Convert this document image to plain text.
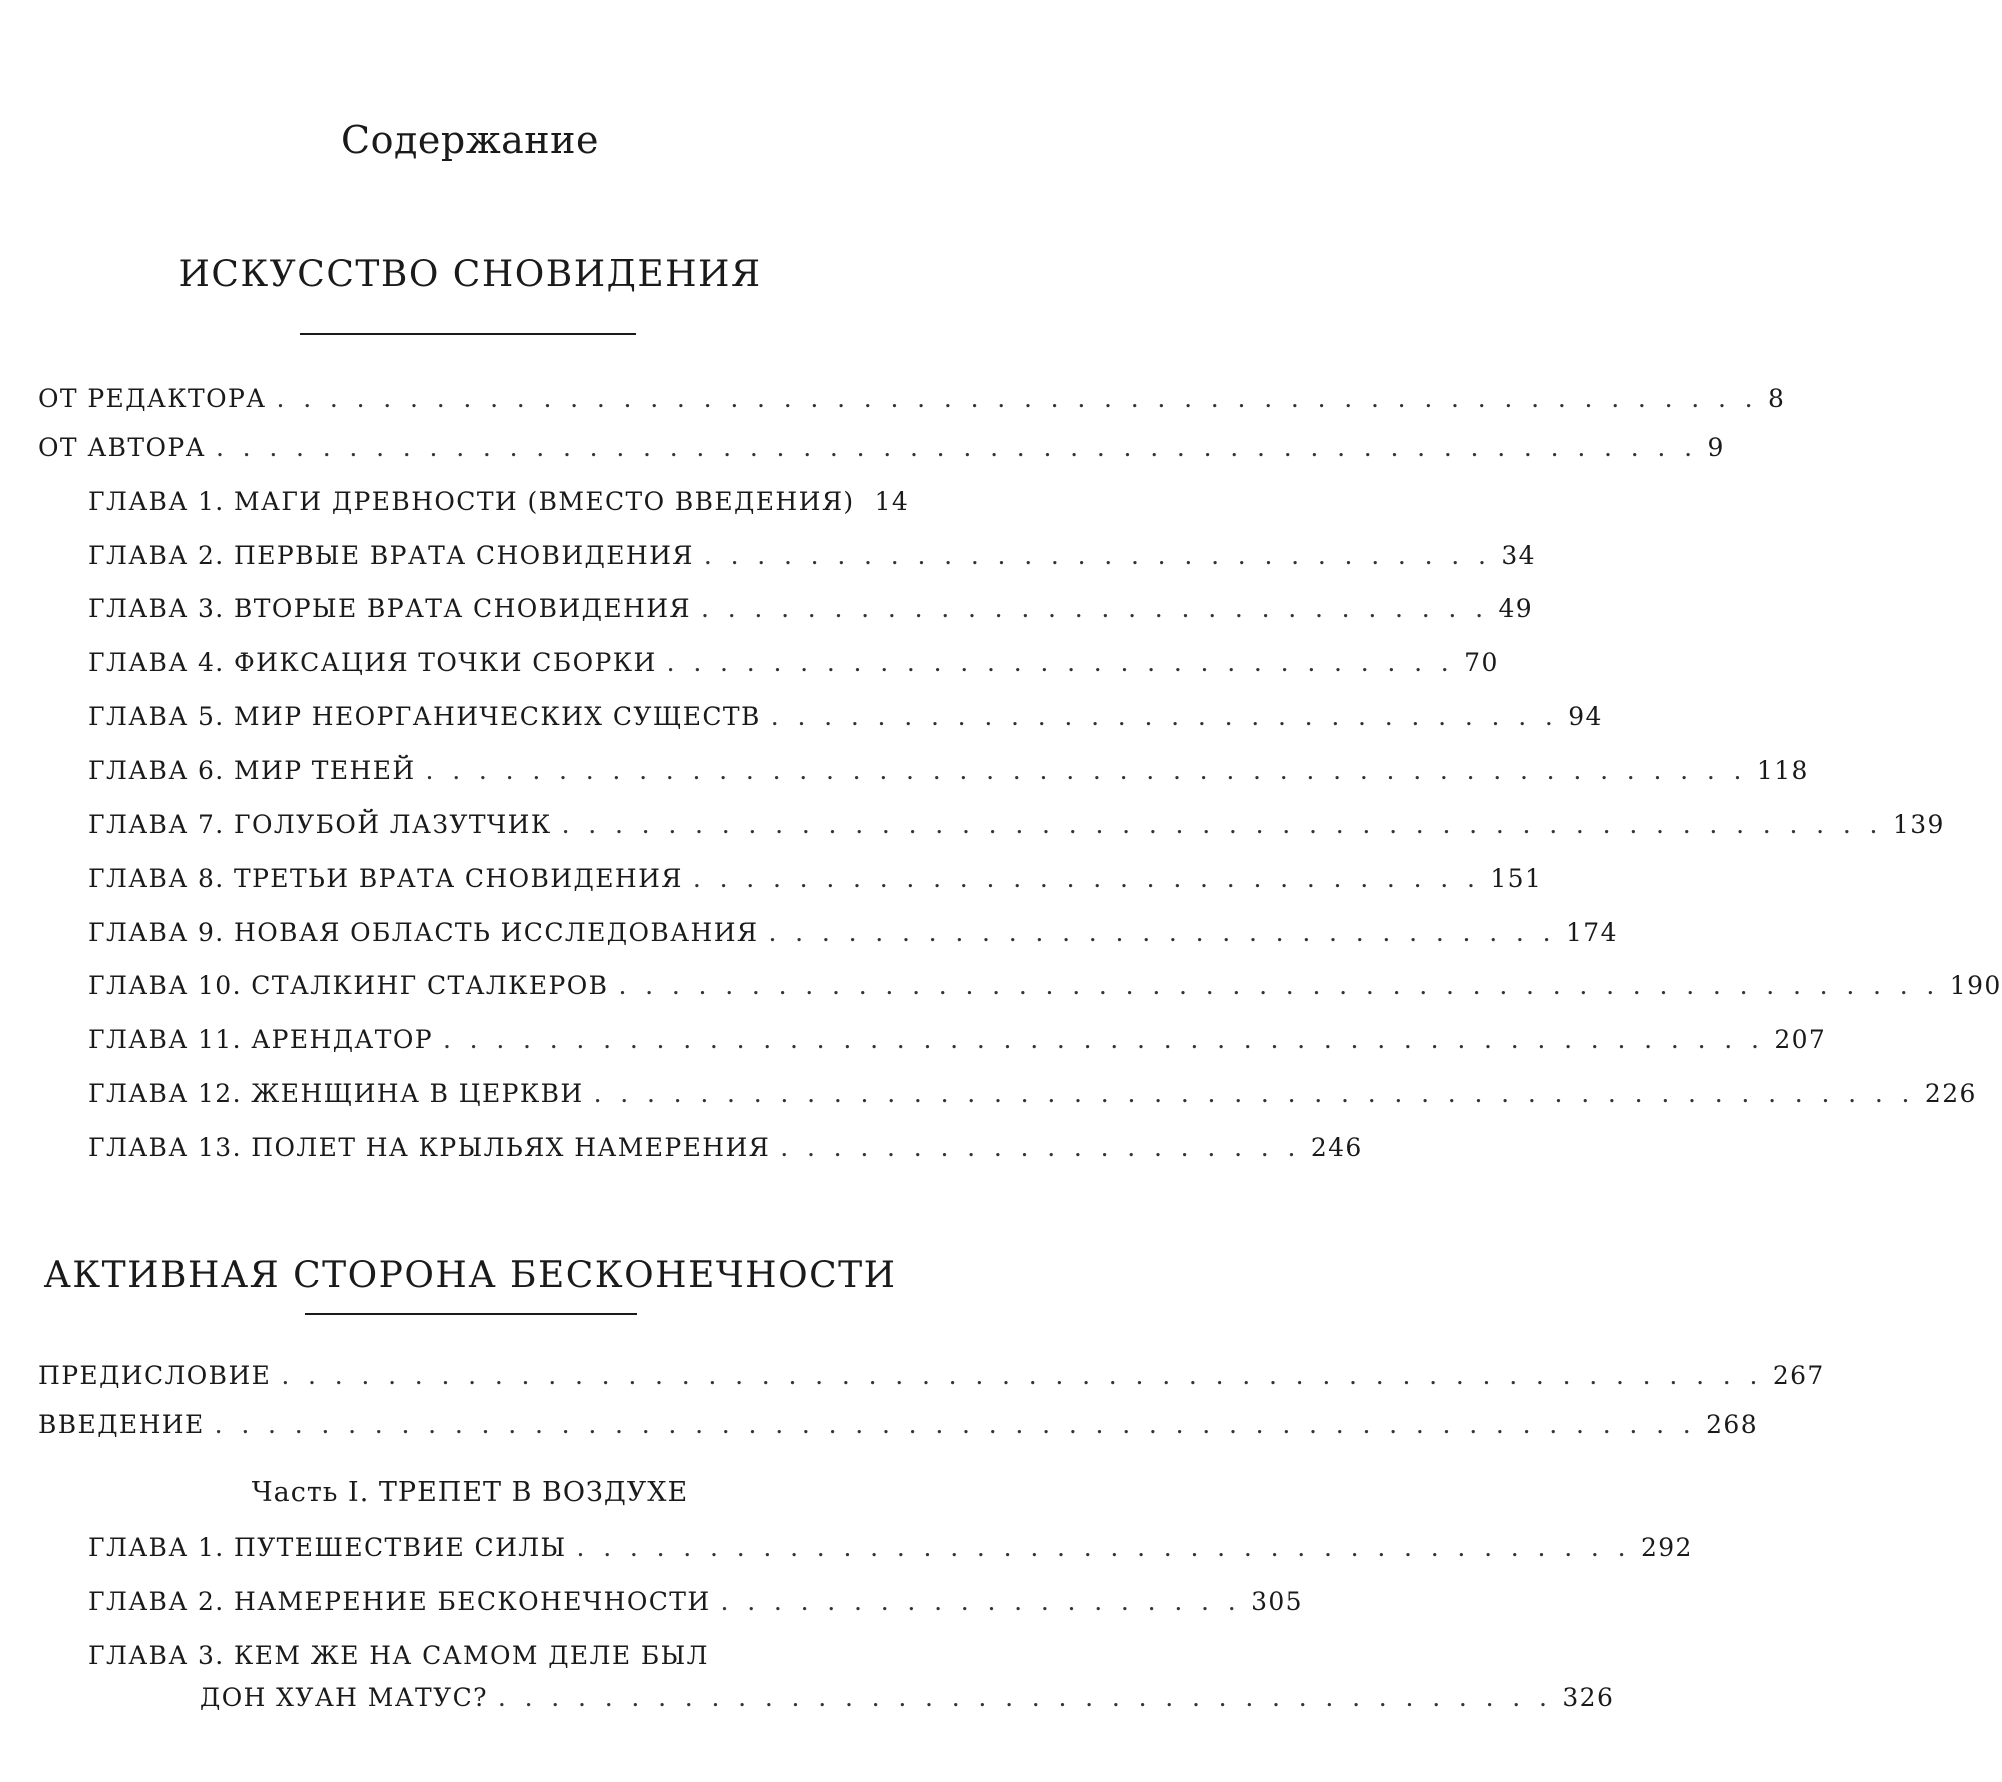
Содержание
ИСКУССТВО СНОВИДЕНИЯ
ОТ РЕДАКТОРА . . . . . . . . . . . . . . . . . . . . . . . . . . . . . . . . . . . . . . . . . . . . . . . . . . . . . . . . 8
ОТ АВТОРА . . . . . . . . . . . . . . . . . . . . . . . . . . . . . . . . . . . . . . . . . . . . . . . . . . . . . . . . 9
ГЛАВА 1. МАГИ ДРЕВНОСТИ (ВМЕСТО ВВЕДЕНИЯ) 14
ГЛАВА 2. ПЕРВЫЕ ВРАТА СНОВИДЕНИЯ . . . . . . . . . . . . . . . . . . . . . . . . . . . . . . 34
ГЛАВА 3. ВТОРЫЕ ВРАТА СНОВИДЕНИЯ . . . . . . . . . . . . . . . . . . . . . . . . . . . . . . 49
ГЛАВА 4. ФИКСАЦИЯ ТОЧКИ СБОРКИ . . . . . . . . . . . . . . . . . . . . . . . . . . . . . . 70
ГЛАВА 5. МИР НЕОРГАНИЧЕСКИХ СУЩЕСТВ . . . . . . . . . . . . . . . . . . . . . . . . . . . . . . 94
ГЛАВА 6. МИР ТЕНЕЙ . . . . . . . . . . . . . . . . . . . . . . . . . . . . . . . . . . . . . . . . . . . . . . . . . . 118
ГЛАВА 7. ГОЛУБОЙ ЛАЗУТЧИК . . . . . . . . . . . . . . . . . . . . . . . . . . . . . . . . . . . . . . . . . . . . . . . . . . 139
ГЛАВА 8. ТРЕТЬИ ВРАТА СНОВИДЕНИЯ . . . . . . . . . . . . . . . . . . . . . . . . . . . . . . 151
ГЛАВА 9. НОВАЯ ОБЛАСТЬ ИССЛЕДОВАНИЯ . . . . . . . . . . . . . . . . . . . . . . . . . . . . . . 174
ГЛАВА 10. СТАЛКИНГ СТАЛКЕРОВ . . . . . . . . . . . . . . . . . . . . . . . . . . . . . . . . . . . . . . . . . . . . . . . . . . 190
ГЛАВА 11. АРЕНДАТОР . . . . . . . . . . . . . . . . . . . . . . . . . . . . . . . . . . . . . . . . . . . . . . . . . . 207
ГЛАВА 12. ЖЕНЩИНА В ЦЕРКВИ . . . . . . . . . . . . . . . . . . . . . . . . . . . . . . . . . . . . . . . . . . . . . . . . . . 226
ГЛАВА 13. ПОЛЕТ НА КРЫЛЬЯХ НАМЕРЕНИЯ . . . . . . . . . . . . . . . . . . . . 246
АКТИВНАЯ СТОРОНА БЕСКОНЕЧНОСТИ
ПРЕДИСЛОВИЕ . . . . . . . . . . . . . . . . . . . . . . . . . . . . . . . . . . . . . . . . . . . . . . . . . . . . . . . . 267
ВВЕДЕНИЕ . . . . . . . . . . . . . . . . . . . . . . . . . . . . . . . . . . . . . . . . . . . . . . . . . . . . . . . . 268
Часть I. ТРЕПЕТ В ВОЗДУХЕ
ГЛАВА 1. ПУТЕШЕСТВИЕ СИЛЫ . . . . . . . . . . . . . . . . . . . . . . . . . . . . . . . . . . . . . . . . 292
ГЛАВА 2. НАМЕРЕНИЕ БЕСКОНЕЧНОСТИ . . . . . . . . . . . . . . . . . . . . 305
ГЛАВА 3. КЕМ ЖЕ НА САМОМ ДЕЛЕ БЫЛ
ДОН ХУАН МАТУС? . . . . . . . . . . . . . . . . . . . . . . . . . . . . . . . . . . . . . . . . 326
